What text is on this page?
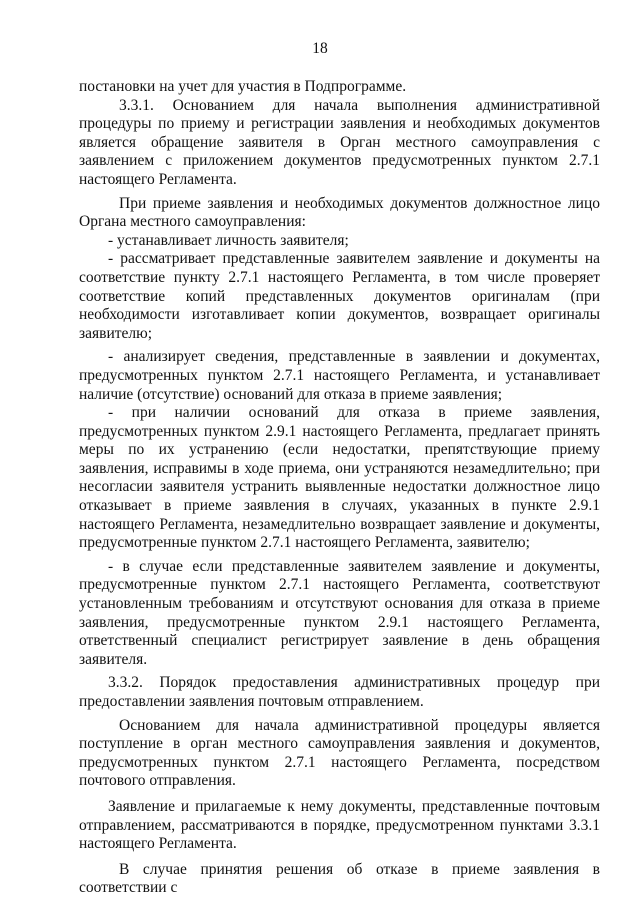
18

постановки на учет для участия в Подпрограмме.

3.3.1. Основанием для начала выполнения административной процедуры по приему и регистрации заявления и необходимых документов является обращение заявителя в Орган местного самоуправления с заявлением с приложением документов предусмотренных пунктом 2.7.1 настоящего Регламента.

При приеме заявления и необходимых документов должностное лицо Органа местного самоуправления:

- устанавливает личность заявителя;

- рассматривает представленные заявителем заявление и документы на соответствие пункту 2.7.1 настоящего Регламента, в том числе проверяет соответствие копий представленных документов оригиналам (при необходимости изготавливает копии документов, возвращает оригиналы заявителю;

- анализирует сведения, представленные в заявлении и документах, предусмотренных пунктом 2.7.1 настоящего Регламента, и устанавливает наличие (отсутствие) оснований для отказа в приеме заявления;

- при наличии оснований для отказа в приеме заявления, предусмотренных пунктом 2.9.1 настоящего Регламента, предлагает принять меры по их устранению (если недостатки, препятствующие приему заявления, исправимы в ходе приема, они устраняются незамедлительно; при несогласии заявителя устранить выявленные недостатки должностное лицо отказывает в приеме заявления в случаях, указанных в пункте 2.9.1 настоящего Регламента, незамедлительно возвращает заявление и документы, предусмотренные пунктом 2.7.1 настоящего Регламента, заявителю;

- в случае если представленные заявителем заявление и документы, предусмотренные пунктом 2.7.1 настоящего Регламента, соответствуют установленным требованиям и отсутствуют основания для отказа в приеме заявления, предусмотренные пунктом 2.9.1 настоящего Регламента, ответственный специалист регистрирует заявление в день обращения заявителя.

3.3.2. Порядок предоставления административных процедур при предоставлении заявления почтовым отправлением.

Основанием для начала административной процедуры является поступление в орган местного самоуправления заявления и документов, предусмотренных пунктом 2.7.1 настоящего Регламента, посредством почтового отправления.

Заявление и прилагаемые к нему документы, представленные почтовым отправлением, рассматриваются в порядке, предусмотренном пунктами 3.3.1 настоящего Регламента.

В случае принятия решения об отказе в приеме заявления в соответствии с
